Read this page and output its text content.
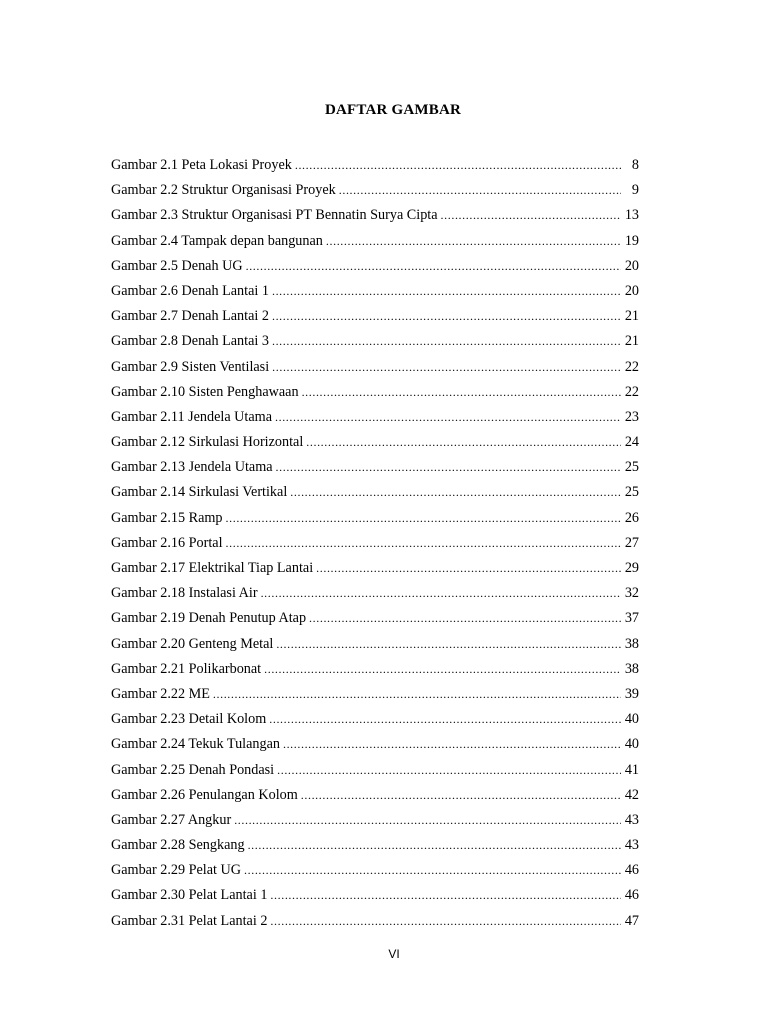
DAFTAR GAMBAR
Gambar 2.1 Peta Lokasi Proyek .....	8
Gambar 2.2 Struktur Organisasi Proyek .....	9
Gambar 2.3 Struktur Organisasi PT Bennatin Surya Cipta .....	13
Gambar 2.4 Tampak depan bangunan .....	19
Gambar 2.5 Denah UG .....	20
Gambar 2.6 Denah Lantai 1 .....	20
Gambar 2.7 Denah Lantai 2 .....	21
Gambar 2.8 Denah Lantai 3 .....	21
Gambar 2.9 Sisten Ventilasi .....	22
Gambar 2.10 Sisten Penghawaan .....	22
Gambar 2.11 Jendela Utama .....	23
Gambar 2.12 Sirkulasi Horizontal .....	24
Gambar 2.13 Jendela Utama .....	25
Gambar 2.14 Sirkulasi Vertikal .....	25
Gambar 2.15 Ramp .....	26
Gambar 2.16 Portal .....	27
Gambar 2.17 Elektrikal Tiap Lantai .....	29
Gambar 2.18 Instalasi Air .....	32
Gambar 2.19 Denah Penutup Atap .....	37
Gambar 2.20 Genteng Metal .....	38
Gambar 2.21 Polikarbonat .....	38
Gambar 2.22 ME .....	39
Gambar 2.23 Detail Kolom .....	40
Gambar 2.24 Tekuk Tulangan .....	40
Gambar 2.25 Denah Pondasi .....	41
Gambar 2.26 Penulangan Kolom .....	42
Gambar 2.27 Angkur .....	43
Gambar 2.28 Sengkang .....	43
Gambar 2.29 Pelat UG .....	46
Gambar 2.30 Pelat Lantai 1 .....	46
Gambar 2.31 Pelat Lantai 2 .....	47
VI
